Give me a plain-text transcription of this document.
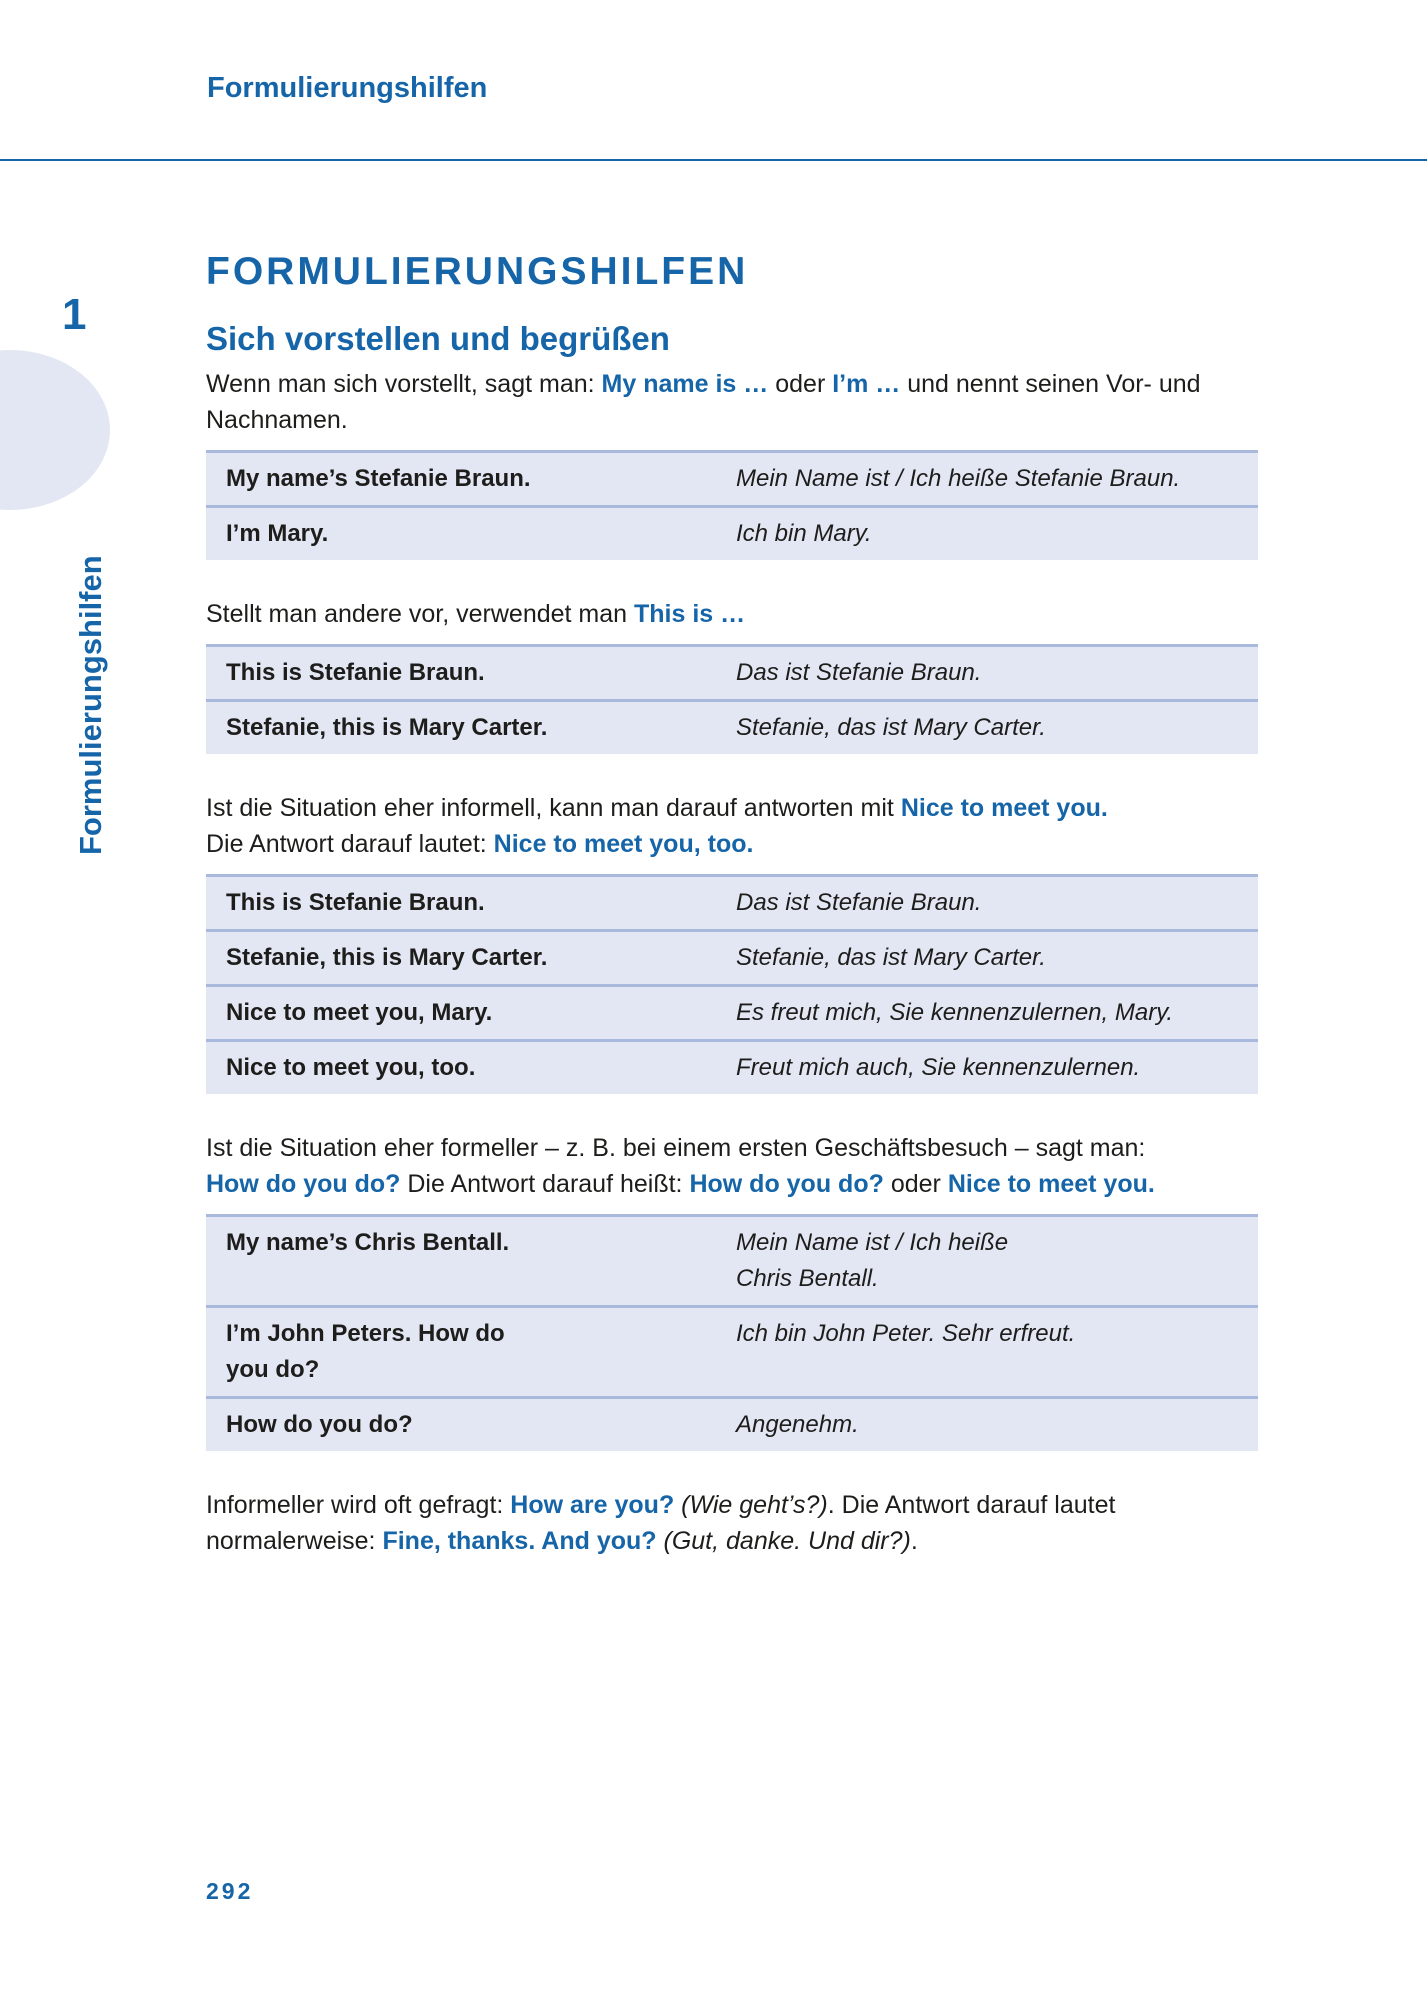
Formulierungshilfen
1
Formulierungshilfen
FORMULIERUNGSHILFEN
Sich vorstellen und begrüßen

Wenn man sich vorstellt, sagt man: My name is … oder I’m … und nennt seinen Vor- und Nachnamen.

My name’s Stefanie Braun.	Mein Name ist / Ich heiße Stefanie Braun.
I’m Mary.	Ich bin Mary.

Stellt man andere vor, verwendet man This is …

This is Stefanie Braun.	Das ist Stefanie Braun.
Stefanie, this is Mary Carter.	Stefanie, das ist Mary Carter.

Ist die Situation eher informell, kann man darauf antworten mit Nice to meet you.
Die Antwort darauf lautet: Nice to meet you, too.

This is Stefanie Braun.	Das ist Stefanie Braun.
Stefanie, this is Mary Carter.	Stefanie, das ist Mary Carter.
Nice to meet you, Mary.	Es freut mich, Sie kennenzulernen, Mary.
Nice to meet you, too.	Freut mich auch, Sie kennenzulernen.

Ist die Situation eher formeller – z. B. bei einem ersten Geschäftsbesuch – sagt man:
How do you do? Die Antwort darauf heißt: How do you do? oder Nice to meet you.

My name’s Chris Bentall.	Mein Name ist / Ich heiße
Chris Bentall.
I’m John Peters. How do
you do?	Ich bin John Peter. Sehr erfreut.
How do you do?	Angenehm.

Informeller wird oft gefragt: How are you? (Wie geht’s?). Die Antwort darauf lautet
normalerweise: Fine, thanks. And you? (Gut, danke. Und dir?).

292
